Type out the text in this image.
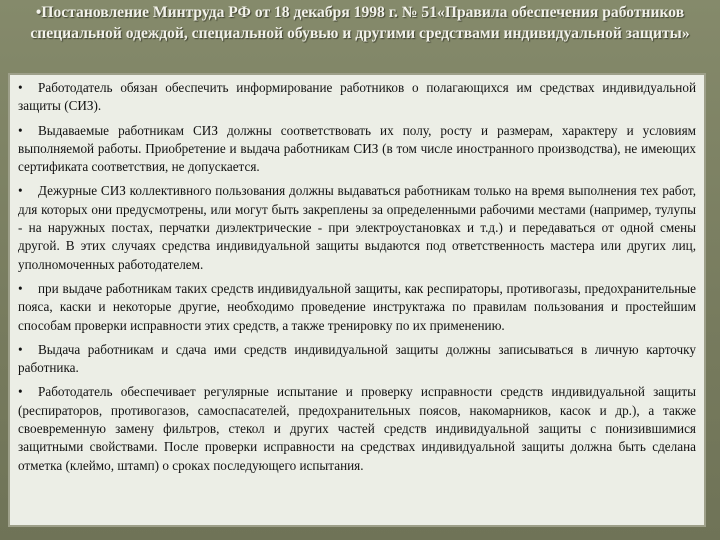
•Постановление Минтруда РФ от 18 декабря 1998 г. № 51«Правила обеспечения работников специальной одеждой, специальной обувью и другими средствами индивидуальной защиты»

• Работодатель обязан обеспечить информирование работников о полагающихся им средствах индивидуальной защиты (СИЗ).

• Выдаваемые работникам СИЗ должны соответствовать их полу, росту и размерам, характеру и условиям выполняемой работы. Приобретение и выдача работникам СИЗ (в том числе иностранного производства), не имеющих сертификата соответствия, не допускается.

• Дежурные СИЗ коллективного пользования должны выдаваться работникам только на время выполнения тех работ, для которых они предусмотрены, или могут быть закреплены за определенными рабочими местами (например, тулупы - на наружных постах, перчатки диэлектрические - при электроустановках и т.д.) и передаваться от одной смены другой. В этих случаях средства индивидуальной защиты выдаются под ответственность мастера или других лиц, уполномоченных работодателем.

• при выдаче работникам таких средств индивидуальной защиты, как респираторы, противогазы, предохранительные пояса, каски и некоторые другие, необходимо проведение инструктажа по правилам пользования и простейшим способам проверки исправности этих средств, а также тренировку по их применению.

• Выдача работникам и сдача ими средств индивидуальной защиты должны записываться в личную карточку работника.

• Работодатель обеспечивает регулярные испытание и проверку исправности средств индивидуальной защиты (респираторов, противогазов, самоспасателей, предохранительных поясов, накомарников, касок и др.), а также своевременную замену фильтров, стекол и других частей средств индивидуальной защиты с понизившимися защитными свойствами. После проверки исправности на средствах индивидуальной защиты должна быть сделана отметка (клеймо, штамп) о сроках последующего испытания.
